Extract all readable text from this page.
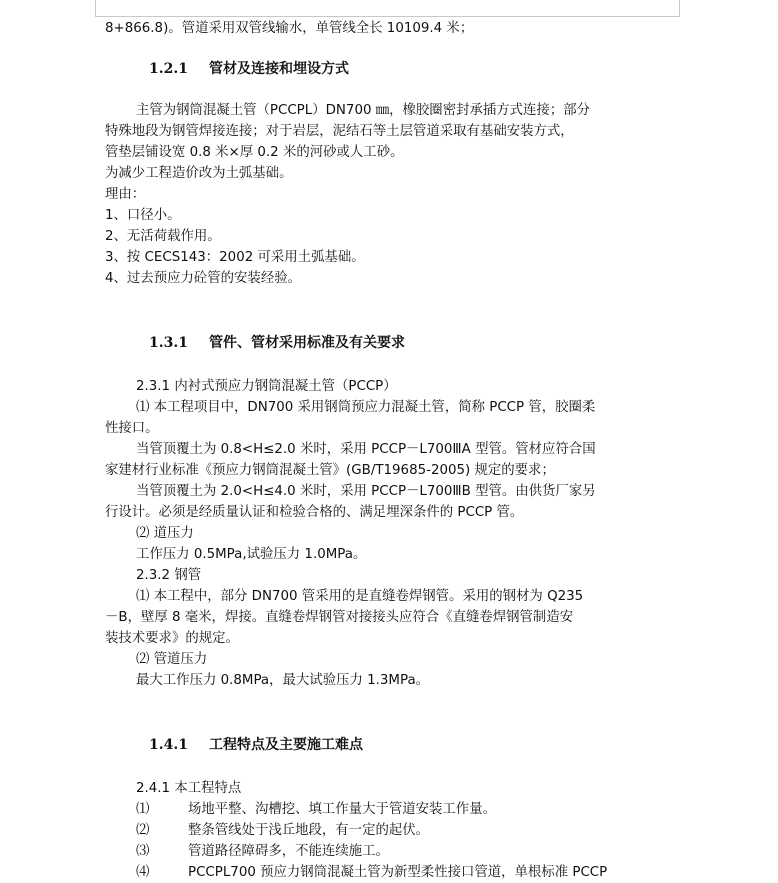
8+866.8)。管道采用双管线输水，单管线全长 10109.4 米；
1.2.1 管材及连接和埋设方式
主管为钢筒混凝土管（PCCPL）DN700 ㎜，橡胶圈密封承插方式连接；部分
特殊地段为钢管焊接连接；对于岩层，泥结石等土层管道采取有基础安装方式，
管垫层铺设宽 0.8 米×厚 0.2 米的河砂或人工砂。
为减少工程造价改为土弧基础。
理由：
1、口径小。
2、无活荷载作用。
3、按 CECS143：2002 可采用土弧基础。
4、过去预应力砼管的安装经验。
1.3.1 管件、管材采用标准及有关要求
2.3.1 内衬式预应力钢筒混凝土管（PCCP）
⑴ 本工程项目中，DN700 采用钢筒预应力混凝土管，简称 PCCP 管，胶圈柔
性接口。
当管顶覆土为 0.8<H≤2.0 米时，采用 PCCP－L700ⅢA 型管。管材应符合国
家建材行业标准《预应力钢筒混凝土管》(GB/T19685-2005) 规定的要求；
当管顶覆土为 2.0<H≤4.0 米时，采用 PCCP－L700ⅢB 型管。由供货厂家另
行设计。必须是经质量认证和检验合格的、满足埋深条件的 PCCP 管。
⑵ 道压力
工作压力 0.5MPa,试验压力 1.0MPa。
2.3.2 钢管
⑴ 本工程中，部分 DN700 管采用的是直缝卷焊钢管。采用的钢材为 Q235
－B，壁厚 8 毫米，焊接。直缝卷焊钢管对接接头应符合《直缝卷焊钢管制造安
装技术要求》的规定。
⑵ 管道压力
最大工作压力 0.8MPa，最大试验压力 1.3MPa。
1.4.1 工程特点及主要施工难点
2.4.1 本工程特点
⑴	场地平整、沟槽挖、填工作量大于管道安装工作量。
⑵	整条管线处于浅丘地段，有一定的起伏。
⑶	管道路径障碍多，不能连续施工。
⑷	PCCPL700 预应力钢筒混凝土管为新型柔性接口管道，单根标准 PCCP
